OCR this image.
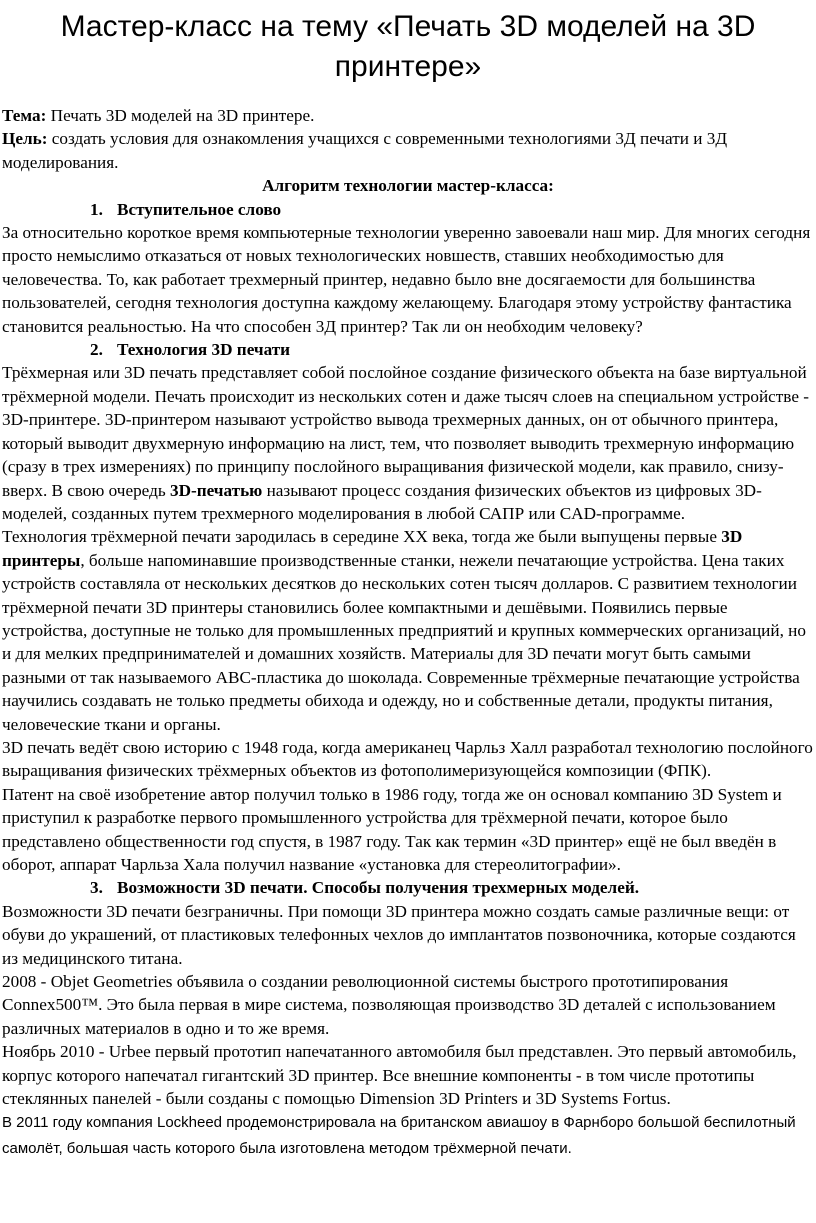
Мастер-класс на тему «Печать 3D моделей на 3D принтере»

Тема: Печать 3D моделей на 3D принтере.

Цель: создать условия для ознакомления учащихся с современными технологиями 3Д печати и 3Д моделирования.

Алгоритм технологии мастер-класса:

1. Вступительное слово

За относительно короткое время компьютерные технологии уверенно завоевали наш мир. Для многих сегодня просто немыслимо отказаться от новых технологических новшеств, ставших необходимостью для человечества. То, как работает трехмерный принтер, недавно было вне досягаемости для большинства пользователей, сегодня технология доступна каждому желающему. Благодаря этому устройству фантастика становится реальностью. На что способен 3Д принтер? Так ли он необходим человеку?

2. Технология 3D печати

Трёхмерная или 3D печать представляет собой послойное создание физического объекта на базе виртуальной трёхмерной модели. Печать происходит из нескольких сотен и даже тысяч слоев на специальном устройстве - 3D-принтере. 3D-принтером называют устройство вывода трехмерных данных, он от обычного принтера, который выводит двухмерную информацию на лист, тем, что позволяет выводить трехмерную информацию (сразу в трех измерениях) по принципу послойного выращивания физической модели, как правило, снизу-вверх. В свою очередь 3D-печатью называют процесс создания физических объектов из цифровых 3D-моделей, созданных путем трехмерного моделирования в любой САПР или CAD-программе.

Технология трёхмерной печати зародилась в середине XX века, тогда же были выпущены первые 3D принтеры, больше напоминавшие производственные станки, нежели печатающие устройства. Цена таких устройств составляла от нескольких десятков до нескольких сотен тысяч долларов. С развитием технологии трёхмерной печати 3D принтеры становились более компактными и дешёвыми. Появились первые устройства, доступные не только для промышленных предприятий и крупных коммерческих организаций, но и для мелких предпринимателей и домашних хозяйств. Материалы для 3D печати могут быть самыми разными от так называемого АВС-пластика до шоколада. Современные трёхмерные печатающие устройства научились создавать не только предметы обихода и одежду, но и собственные детали, продукты питания, человеческие ткани и органы.

3D печать ведёт свою историю с 1948 года, когда американец Чарльз Халл разработал технологию послойного выращивания физических трёхмерных объектов из фотополимеризующейся композиции (ФПК).

Патент на своё изобретение автор получил только в 1986 году, тогда же он основал компанию 3D System и приступил к разработке первого промышленного устройства для трёхмерной печати, которое было представлено общественности год спустя, в 1987 году. Так как термин «3D принтер» ещё не был введён в оборот, аппарат Чарльза Хала получил название «установка для стереолитографии».

3. Возможности 3D печати. Способы получения трехмерных моделей.

Возможности 3D печати безграничны. При помощи 3D принтера можно создать самые различные вещи: от обуви до украшений, от пластиковых телефонных чехлов до имплантатов позвоночника, которые создаются из медицинского титана.

2008 - Objet Geometries объявила о создании революционной системы быстрого прототипирования Connex500™. Это была первая в мире система, позволяющая производство 3D деталей с использованием различных материалов в одно и то же время.

Ноябрь 2010 - Urbee первый прототип напечатанного автомобиля был представлен. Это первый автомобиль, корпус которого напечатал гигантский 3D принтер. Все внешние компоненты - в том числе прототипы стеклянных панелей - были созданы с помощью Dimension 3D Printers и 3D Systems Fortus.

В 2011 году компания Lockheed продемонстрировала на британском авиашоу в Фарнборо большой беспилотный самолёт, большая часть которого была изготовлена методом трёхмерной печати.
